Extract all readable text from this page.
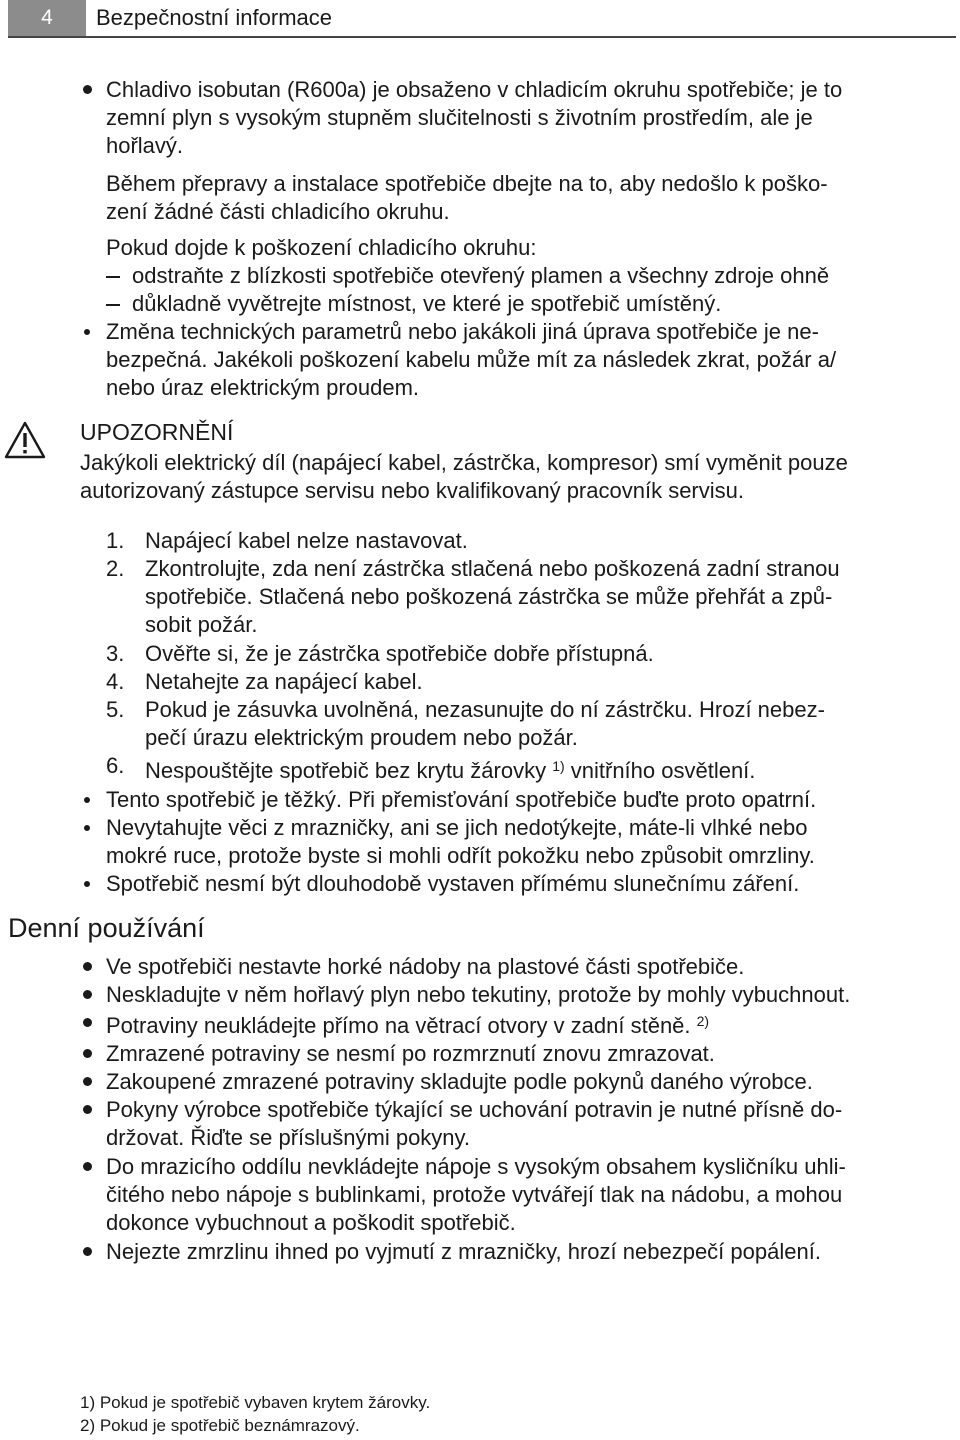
4	Bezpečnostní informace
Chladivo isobutan (R600a) je obsaženo v chladicím okruhu spotřebiče; je to
zemní plyn s vysokým stupněm slučitelnosti s životním prostředím, ale je
hořlavý.
Během přepravy a instalace spotřebiče dbejte na to, aby nedošlo k poško-
zení žádné části chladicího okruhu.
Pokud dojde k poškození chladicího okruhu:
odstraňte z blízkosti spotřebiče otevřený plamen a všechny zdroje ohně
důkladně vyvětrejte místnost, ve které je spotřebič umístěný.
Změna technických parametrů nebo jakákoli jiná úprava spotřebiče je ne-
bezpečná. Jakékoli poškození kabelu může mít za následek zkrat, požár a/
nebo úraz elektrickým proudem.
UPOZORNĚNÍ
Jakýkoli elektrický díl (napájecí kabel, zástrčka, kompresor) smí vyměnit pouze
autorizovaný zástupce servisu nebo kvalifikovaný pracovník servisu.
1. Napájecí kabel nelze nastavovat.
2. Zkontrolujte, zda není zástrčka stlačená nebo poškozená zadní stranou
spotřebiče. Stlačená nebo poškozená zástrčka se může přehřát a způ-
sobit požár.
3. Ověřte si, že je zástrčka spotřebiče dobře přístupná.
4. Netahejte za napájecí kabel.
5. Pokud je zásuvka uvolněná, nezasunujte do ní zástrčku. Hrozí nebez-
pečí úrazu elektrickým proudem nebo požár.
6. Nespouštějte spotřebič bez krytu žárovky $^{1)}$ vnitřního osvětlení.
Tento spotřebič je těžký. Při přemisťování spotřebiče buďte proto opatrní.
Nevytahujte věci z mrazničky, ani se jich nedotýkejte, máte-li vlhké nebo
mokré ruce, protože byste si mohli odřít pokožku nebo způsobit omrzliny.
Spotřebič nesmí být dlouhodobě vystaven přímému slunečnímu záření.
Denní používání
Ve spotřebiči nestavte horké nádoby na plastové části spotřebiče.
Neskladujte v něm hořlavý plyn nebo tekutiny, protože by mohly vybuchnout.
Potraviny neukládejte přímo na větrací otvory v zadní stěně. $^{2)}$
Zmrazené potraviny se nesmí po rozmrznutí znovu zmrazovat.
Zakoupené zmrazené potraviny skladujte podle pokynů daného výrobce.
Pokyny výrobce spotřebiče týkající se uchování potravin je nutné přísně do-
držovat. Řiďte se příslušnými pokyny.
Do mrazicího oddílu nevkládejte nápoje s vysokým obsahem kysličníku uhli-
čitého nebo nápoje s bublinkami, protože vytvářejí tlak na nádobu, a mohou
dokonce vybuchnout a poškodit spotřebič.
Nejezte zmrzlinu ihned po vyjmutí z mrazničky, hrozí nebezpečí popálení.
1) Pokud je spotřebič vybaven krytem žárovky.
2) Pokud je spotřebič beznámrazový.
